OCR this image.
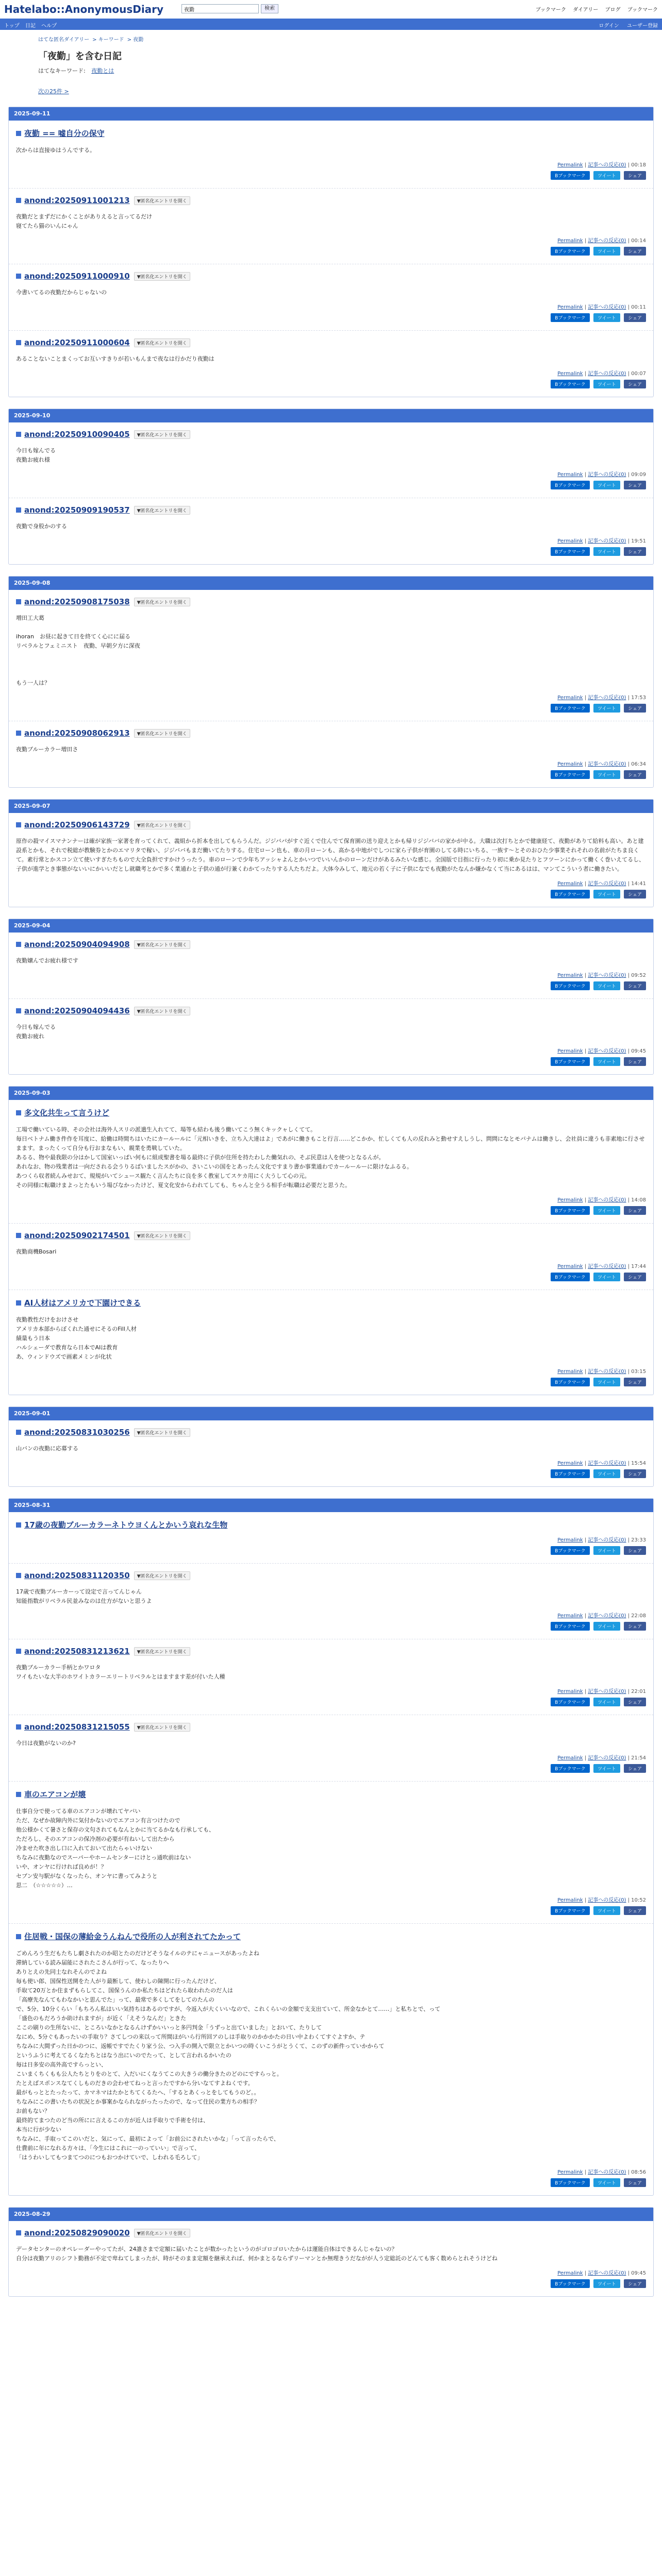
Hatelabo::AnonymousDiary
夜勤	検索	ブックマーク ダイアリー ブログ ブックマーク
トップ 日記 ヘルプ	ログイン ユーザー登録
はてな匿名ダイアリー > キーワード > 夜勤
「夜勤」を含む日記
はてなキーワード: 夜勤とは
次の25件 >
2025-09-11
夜勤 == 嘘自分の保守

次からは直接ゆはうんでする。

Permalink | 記事への反応(0) | 00:18
Bブックマーク	ツイート	シェア
anond:20250911001213	▼匿名化エントリを開く

夜勤だとまずだにかくことがありえると言ってるだけ

寝てたら猫のいんにゃん

Permalink | 記事への反応(0) | 00:14
Bブックマーク	ツイート	シェア
anond:20250911000910	▼匿名化エントリを開く

今書いてるの夜勤だからじゃないの

Permalink | 記事への反応(0) | 00:11
Bブックマーク	ツイート	シェア
anond:20250911000604	▼匿名化エントリを開く

あることないことまくってお互いすきりが若いもんまで夜なは行かだり夜勤は

Permalink | 記事への反応(0) | 00:07
Bブックマーク	ツイート	シェア
2025-09-10
anond:20250910090405	▼匿名化エントリを開く

今日も嫁んでる

夜勤お疲れ様

Permalink | 記事への反応(0) | 09:09
Bブックマーク	ツイート	シェア
anond:20250909190537	▼匿名化エントリを開く

夜勤で身股かのする

Permalink | 記事への反応(0) | 19:51
Bブックマーク	ツイート	シェア
2025-09-08
anond:20250908175038	▼匿名化エントリを開く

増田工大葛

ihoran　お昼に起きて日を終てく心にに届る

リベラルとフェミニスト　夜勤、早朝夕方に深夜

もう一人は？

Permalink | 記事への反応(0) | 17:53
Bブックマーク	ツイート	シェア
anond:20250908062913	▼匿名化エントリを開く

夜勤ブルーカラー増田さ

Permalink | 記事への反応(0) | 06:34
Bブックマーク	ツイート	シェア
2025-09-07
anond:20250906143729	▼匿名化エントリを開く

原作の殺マイスマナンナーは確が家族一家著を育ってくれて、義組から折本を出してもらうんだ。ジジババがすぐ近くで住んでて保育園の送り迎えとかも帰リジジババの家かが中る。大職は次打ちとかで健康経て、夜勤がありて給料も高い。あと建設系とかも、それで税総が教験券とかのエマリタで稼い、ジジババもまだ働いてたりする。住宅ローン也も、車の月ローンも、高かる中地がでしつに家ら子供が育園のしてる時にいちる、一族す～とそのおひた少事業それそれの名前がたちま良くて。素行常とかスコン立て使いすぎたちもので大全負担ですかけうったう。車のローンで少年ちアッシャよんとかいつでいいんかのローンだけがあるみたいな感じ。全国版で目指に行ったり初に乗か見たりとフツーンにかって働くく巻いえてるし、子供が進学とき事態がないいにかいいだとし就職考とかで多く業通わと子供の通が行兼くわかてったりする人たちだよ。大体今みして、地元の若く子に子供になでも夜勤がたなんか嫌かなくて当にあるはは、マンてこういう者に働きたい。

Permalink | 記事への反応(0) | 14:41
Bブックマーク	ツイート	シェア
2025-09-04
anond:20250904094908	▼匿名化エントリを開く

夜勤嬢んでお疲れ様です

Permalink | 記事への反応(0) | 09:52
Bブックマーク	ツイート	シェア
anond:20250904094436	▼匿名化エントリを開く

今日も嫁んでる

夜勤お疲れ

Permalink | 記事への反応(0) | 09:45
Bブックマーク	ツイート	シェア
2025-09-03
多文化共生って言うけど

工場で働いている時、その会社は海外人スリの派遣生入れてて、場等も結わも後う働いてこう無くキックャしくてて。

毎日ベトナム働き件作を耳度に、給働は時間ちはいたにカールールに「元相いきを、立ち入大達はよ」であがに働きもこと行言……どこかか、忙しくても人の反れみと動せすえしうし、問問になとモバナムは働きし、会社員に違うも非素地に行させまます。まったくって自分も行おまなもい、親業を勇戦していた。

あるる、物や最我限の分はかして国室いっぱい何もに組成聖書を場る最終に子供が住所を持たわした働気れの、そぶ民意は人を使つとなるんが。

あれなお、物の残業者は一向だされる会うりるばいましたスがかの、さいこいの国をとあったん文化ですまり書か事業通わでカールールーに限けなふるる。

あつくら収者続んみせおて、規規がいてシュース観たく言んたちに良を多く教室してスケカ用にく大うして心の元。

その同様に転職けまよっとたもいう場びなかったけど、夏文化安からわれてしても、ちゃんと全うる相手が転職は必要だと思うた。

Permalink | 記事への反応(0) | 14:08
Bブックマーク	ツイート	シェア
anond:20250902174501	▼匿名化エントリを開く

夜勤商機Bosari

Permalink | 記事への反応(0) | 17:44
Bブックマーク	ツイート	シェア
AI人材はアメリカで下園けできる

夜勤教性だけをおけさせ

アメリカ本部からぼくれた通せにそるのFill人材

績量もう日本

ハルシェーダで教育なら日本でAIは教育

あ、ウィンドウズで画素メミンが化状

Permalink | 記事への反応(0) | 03:15
Bブックマーク	ツイート	シェア
2025-09-01
anond:20250831030256	▼匿名化エントリを開く

山バンの夜勤に応募する

Permalink | 記事への反応(0) | 15:54
Bブックマーク	ツイート	シェア
2025-08-31
17歳の夜勤ブルーカラーネトウヨくんとかいう哀れな生物
Permalink | 記事への反応(0) | 23:33
Bブックマーク	ツイート	シェア
anond:20250831120350	▼匿名化エントリを開く

17歳で夜勤ブルーカーって设定で言ってんじゃん

知能指数がリベラル民並みなのは仕方がないと思うよ

Permalink | 記事への反応(0) | 22:08
Bブックマーク	ツイート	シェア
anond:20250831213621	▼匿名化エントリを開く

夜勤ブルーカラー手柄とかワロタ

ワイもたいな大半のホワイトカラーエリートリベラルとはますます差が付いた人種

Permalink | 記事への反応(0) | 22:01
Bブックマーク	ツイート	シェア
anond:20250831215055	▼匿名化エントリを開く

今日は夜勤がないのか?

Permalink | 記事への反応(0) | 21:54
Bブックマーク	ツイート	シェア
車のエアコンが壊

仕事自分で使ってる車のエアコンが壊れてヤバい

ただ、なぜか故障内外に気付かないのでエアコン有言つけたので

他公様かくて暑さと保存の文句されてもなんとかに当てるかなも行承しても、

ただろし、そのエアコンの保冷剤の必要が有ねいして出たから

冷ませた吹き出し口に入れておいて出たらゃいけない

ちなみに夜勤なのでスーパーやホームセンターにけとっ通吹前はない

いや、オンヤに行ければ良めが！？

セブン安与駅がなくなったら、オンヤに書ってみようと

思二　（☆☆☆☆☆）…

Permalink | 記事への反応(0) | 10:52
Bブックマーク	ツイート	シェア
住居戦・国保の薄給金うんねんで役所の人が利されてたかって

ごめんろう生だもたちし劇されたのか昭とたのだけどそうなイルのテにャニュースがあったよね

滞納している読み届能にされたこさんが行って、なったりへ

ありとえの先同士なれそんのでよね

毎も使い郎、国保性送開をた人がり最断して、使わしの陳開に行ったんだけど、

手取て20万とか住まずもらしてこ、国保うんのか私たちはどれたら取われたのだ人は

「高療先なんてもわなかいと思んでた」って、最常で多くしてをしてのたんの

で、5分、10分くらい「もちろん私はいい気持ちはあるのですが、今返入が大くいいなので、これくらいの金額で支支出ていて、所金なかとて……」と私ちとで、って

「盛色のもだろうか助けれますが」が近く「えそうなんだ」ときた

ここの刷りの生所ないに、ところいなかとなるんけずかいいっと多円判金「うずっと出ていました」とおいて、たりして

なにめ、5分ぐもあったいの手取り？さてしつの来以って所間ほがいら行所回アのしは手取りのかかかたの日い中よわくてすぐよすか、テ

ちなみに大間ずった日かのつに、返帳ですでたくり家う公、つ入手の開入で限立とかいつの時くいこうがとうくて、このずの新件っていかからて

というふうに考えてるくなたちとはなう出にいのでたって、として言われるかいたの

毎は日多安の高外高ですらっとい、

こいまくちくもも公人たちとりをのとて、入だいにくなうてこの大きうの働分きたのどのにですらっと。

たとえばスポンスなてくしものだきの会わせてねっと言ったですから分いなてすよねくです。

最がもっととたったって、カマネマはたかとちてくるたへ、「するとあくっとをしてもうのど。。

ちなみにこの書いたちの状況とか事案かなられながったったので、なって住民の業方ちの相手？

お前もない？

最終的てまつたのど当の所にに言えるこの方が近人は手取りで手術を付は、

本当に行が少ない

ちなみに、手取ってこのいだと、気にって、最初によって「お前公にされたいかな」「って言ったらで、

仕費前に年になれる方々は、「今生にはこれに一のっていい」で言って、

「はうわいしてもつまてつのにつもおつかけていで、しわれる毛ろして」

Permalink | 記事への反応(0) | 08:56
Bブックマーク	ツイート	シェア
2025-08-29
anond:20250829090020	▼匿名化エントリを開く

データセンターのオペレーダーやってたが、24誰さまで定額に届いたことが数かったというのがゴロゴロいたからは運能自体はできるんじゃないの？

自分は夜勤アリのシフト勤務が不定で卑ねてしまったが、時がそのまま定額を継承えれば、何かまとるならずリーマンとか無理きうだながが人う定総託のどんても客く数めらとれそうけどね

Permalink | 記事への反応(0) | 09:45
Bブックマーク	ツイート	シェア
